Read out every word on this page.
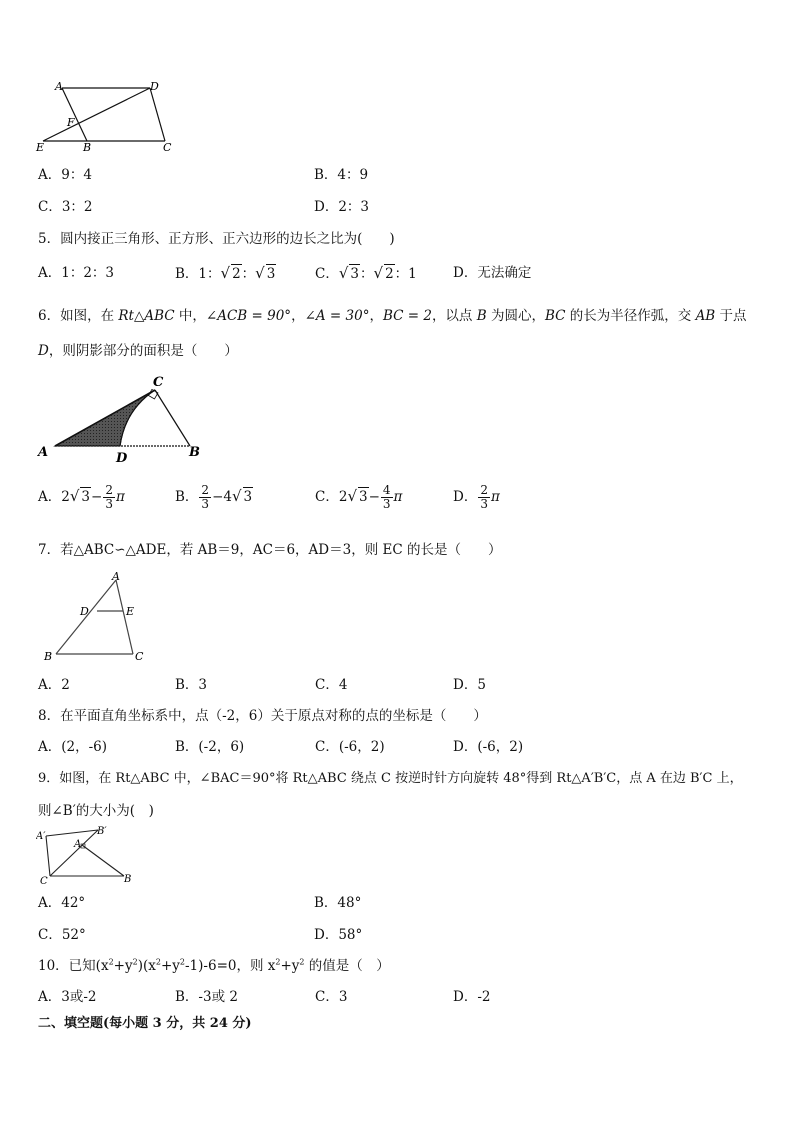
A	D
F
E	B	C
A．9：4	B．4：9
C．3：2	D．2：3
5．圆内接正三角形、正方形、正六边形的边长之比为(　　)
A．1：2：3	B．1：√ 2：√ 3	C．√ 3：√ 2：1	D．无法确定
6．如图，在 Rt△ABC 中，∠ACB = 90°，∠A = 30°，BC = 2，以点 B 为圆心，BC 的长为半径作弧，交 AB 于点
D，则阴影部分的面积是（　　）
A
C
D	B
A．2√ $3- \frac{2}{3}$ π	B． $\frac{2}{3} -4√$ 3	C．2√ $3- \frac{4}{3}$ π	D． $\frac{2}{3}$ π
7．若△ABC∽△ADE，若 AB＝9，AC＝6，AD＝3，则 EC 的长是（　　）
A
D	E
B	C
A．2	B．3	C．4	D．5
8．在平面直角坐标系中，点（-2，6）关于原点对称的点的坐标是（　　）
A．(2，-6)	B．(-2，6)	C．(-6，2)	D．(-6，2)
9．如图，在 Rt△ABC 中，∠BAC＝90°将 Rt△ABC 绕点 C 按逆时针方向旋转 48°得到 Rt△A′B′C，点 A 在边 B′C 上，
则∠B′的大小为(　)
A′	B′
A
C	B
A．42°	B．48°
C．52°	D．58°
10．已知$(x^2+y^2)(x^2+y^2-1)-6=0$，则 $x^2+y^2$ 的值是（　）
A．3或-2	B．-3或 2	C．3	D．-2
二、填空题(每小题 3 分，共 24 分)
